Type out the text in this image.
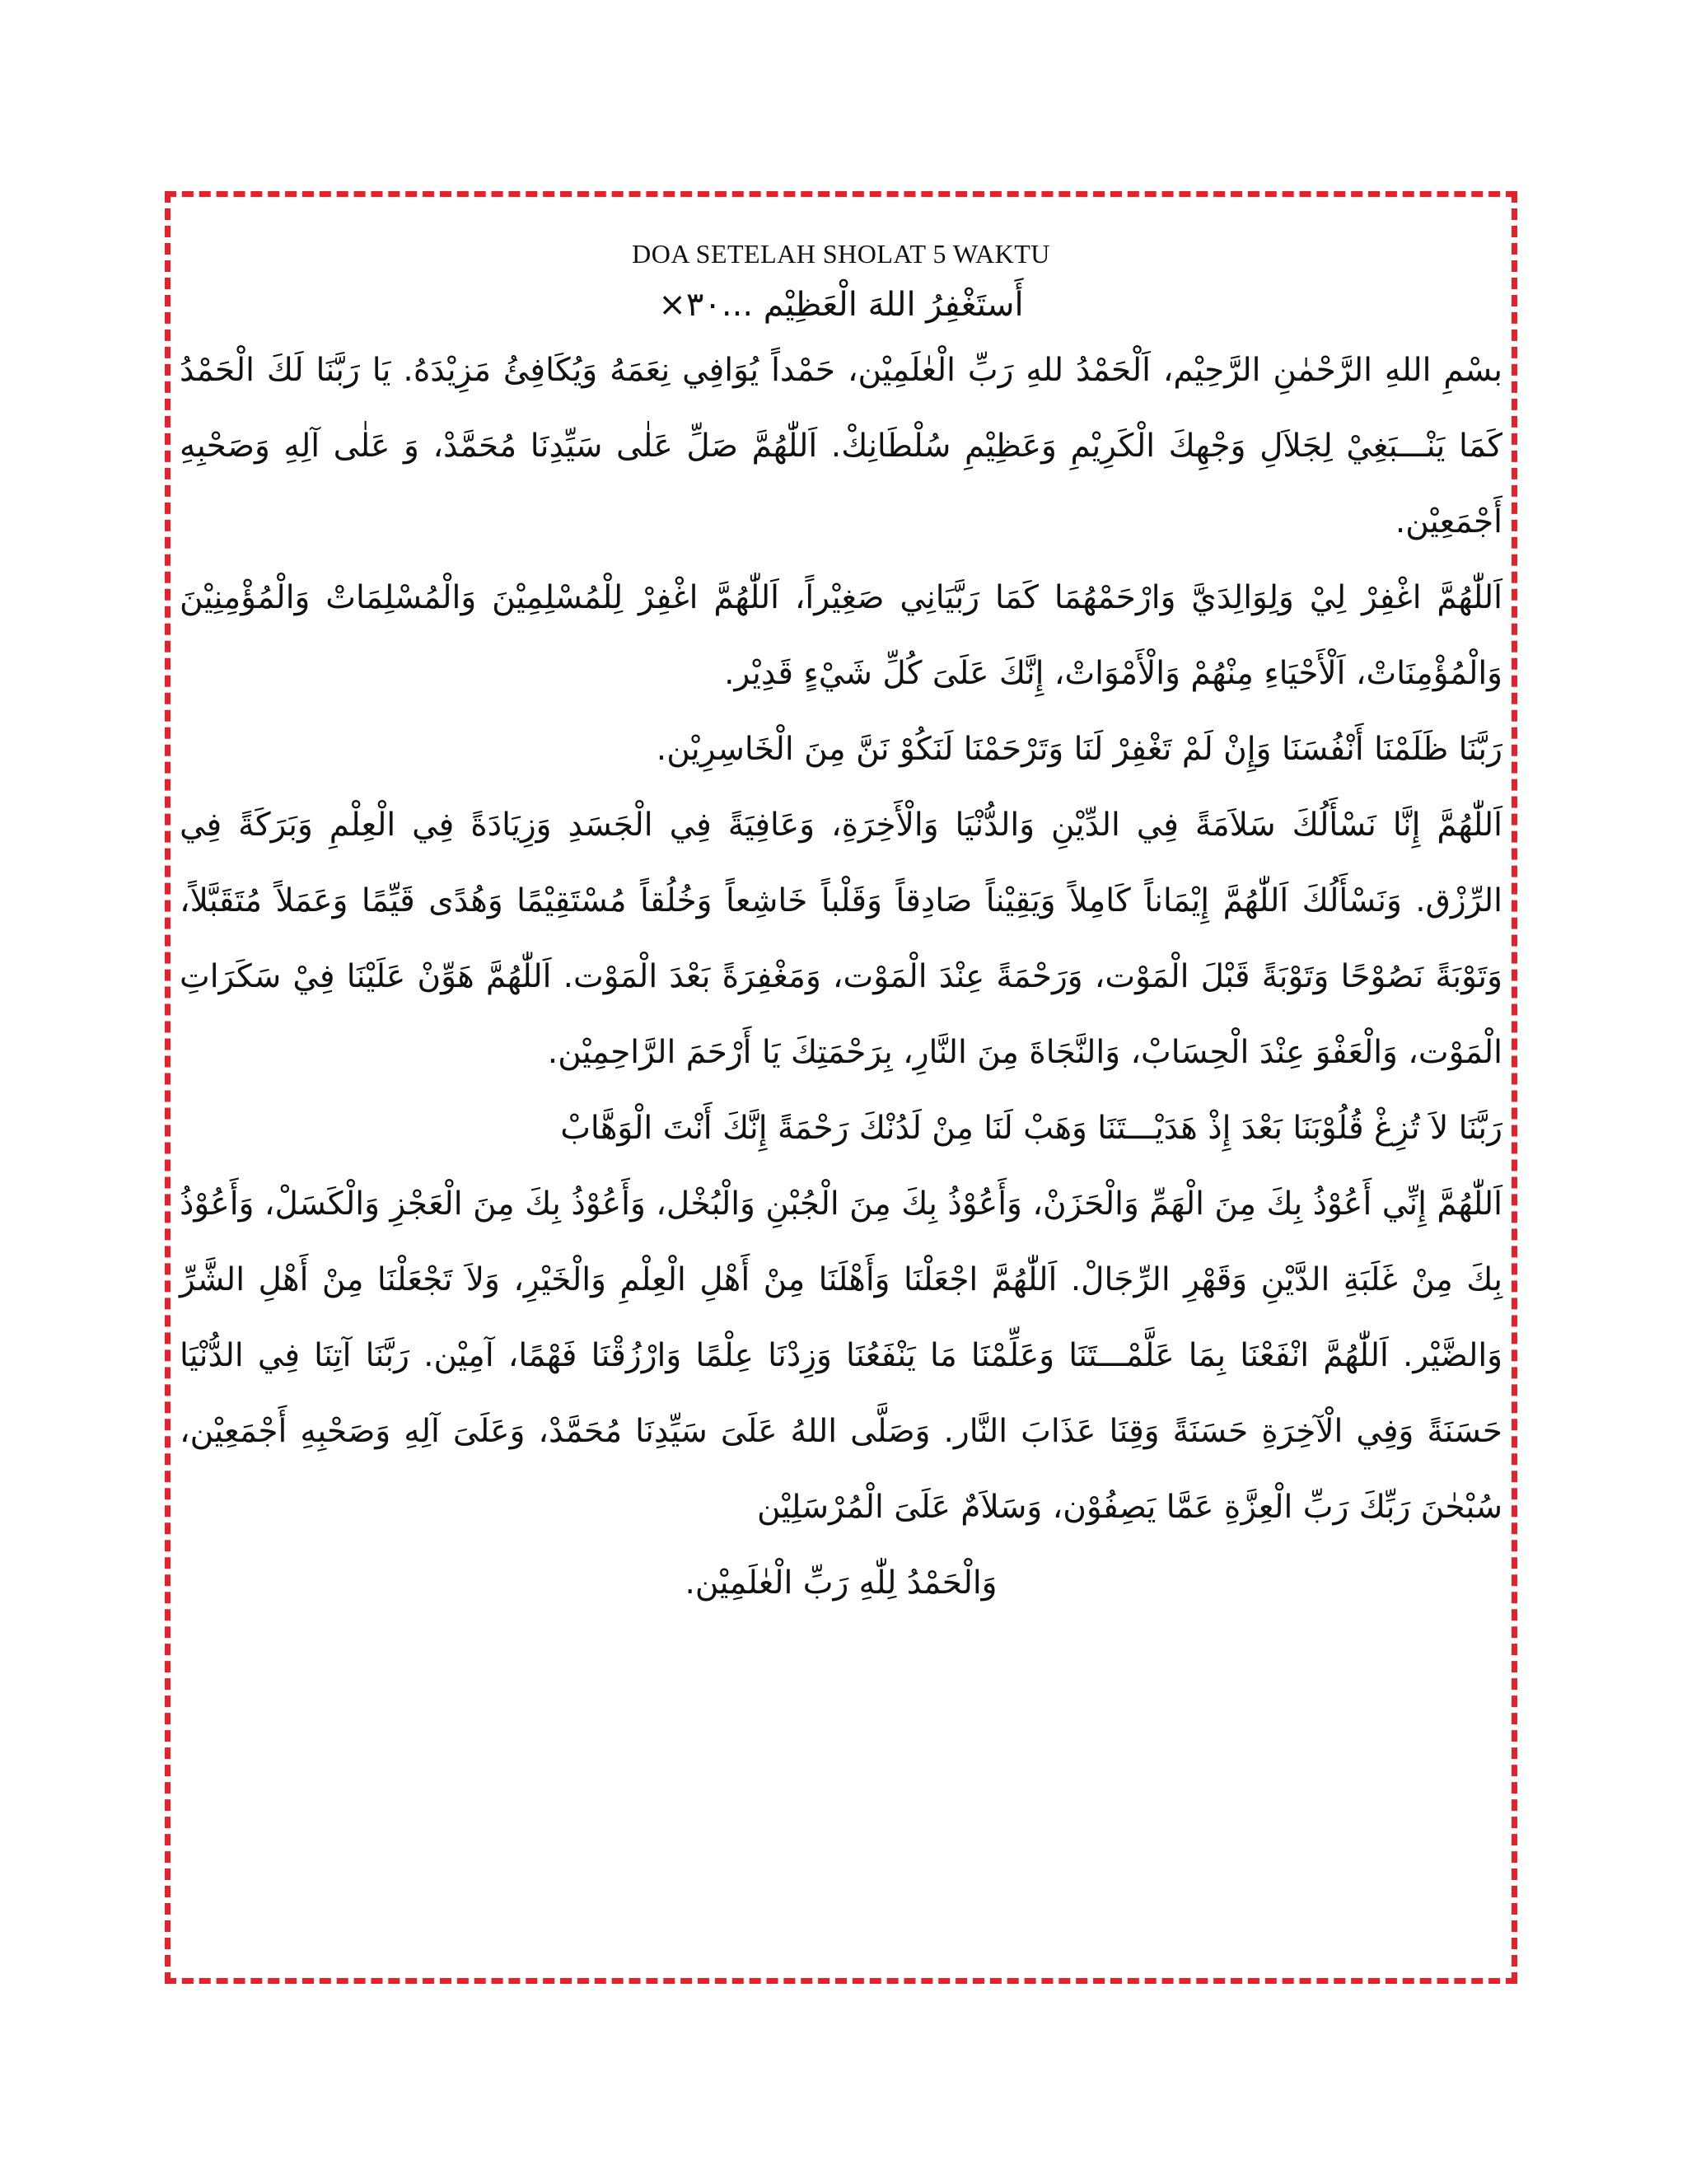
DOA SETELAH SHOLAT 5 WAKTU
أَستَغْفِرُ اللهَ الْعَظِيْم ...٣٠×

بسْمِ اللهِ الرَّحْمٰنِ الرَّحِيْم، اَلْحَمْدُ للهِ رَبِّ الْعٰلَمِيْن، حَمْداً يُوَافِي نِعَمَهُ وَيُكَافِئُ مَزِيْدَهُ. يَا رَبَّنَا لَكَ الْحَمْدُ كَمَا يَنْـــبَغِيْ لِجَلاَلِ وَجْهِكَ الْكَرِيْمِ وَعَظِيْمِ سُلْطَانِكْ. اَللّٰهُمَّ صَلِّ عَلٰى سَيِّدِنَا مُحَمَّدْ، وَ عَلٰى آلِهِ وَصَحْبِهِ أَجْمَعِيْن.

اَللّٰهُمَّ اغْفِرْ لِيْ وَلِوَالِدَيَّ وَارْحَمْهُمَا كَمَا رَبَّيَانِي صَغِيْراً، اَللّٰهُمَّ اغْفِرْ لِلْمُسْلِمِيْنَ وَالْمُسْلِمَاتْ وَالْمُؤْمِنِيْنَ وَالْمُؤْمِنَاتْ، اَلْأَحْيَاءِ مِنْهُمْ وَالْأَمْوَاتْ، إِنَّكَ عَلَىَ كُلِّ شَيْءٍ قَدِيْر.

رَبَّنَا ظَلَمْنَا أَنْفُسَنَا وَإِنْ لَمْ تَغْفِرْ لَنَا وَتَرْحَمْنَا لَنَكُوْ نَنَّ مِنَ الْخَاسِرِيْن.

اَللّٰهُمَّ إِنَّا نَسْأَلُكَ سَلاَمَةً فِي الدِّيْنِ وَالدُّنْيَا وَالْأَخِرَةِ، وَعَافِيَةً فِي الْجَسَدِ وَزِيَادَةً فِي الْعِلْمِ وَبَرَكَةً فِي الرِّزْق. وَنَسْأَلُكَ اَللّٰهُمَّ إِيْمَاناً كَامِلاً وَيَقِيْناً صَادِقاً وَقَلْباً خَاشِعاً وَخُلُقاً مُسْتَقِيْمًا وَهُدًى قَيِّمًا وَعَمَلاً مُتَقَبَّلاً، وَتَوْبَةً نَصُوْحًا وَتَوْبَةً قَبْلَ الْمَوْت، وَرَحْمَةً عِنْدَ الْمَوْت، وَمَغْفِرَةً بَعْدَ الْمَوْت. اَللّٰهُمَّ هَوِّنْ عَلَيْنَا فِيْ سَكَرَاتِ الْمَوْت، وَالْعَفْوَ عِنْدَ الْحِسَابْ، وَالنَّجَاةَ مِنَ النَّارِ، بِرَحْمَتِكَ يَا أَرْحَمَ الرَّاحِمِيْن.

رَبَّنَا لاَ تُزِغْ قُلُوْبَنَا بَعْدَ إِذْ هَدَيْـــتَنَا وَهَبْ لَنَا مِنْ لَدُنْكَ رَحْمَةً إِنَّكَ أَنْتَ الْوَهَّابْ

اَللّٰهُمَّ إِنِّي أَعُوْذُ بِكَ مِنَ الْهَمِّ وَالْحَزَنْ، وَأَعُوْذُ بِكَ مِنَ الْجُبْنِ وَالْبُخْل، وَأَعُوْذُ بِكَ مِنَ الْعَجْزِ وَالْكَسَلْ، وَأَعُوْذُ بِكَ مِنْ غَلَبَةِ الدَّيْنِ وَقَهْرِ الرِّجَالْ. اَللّٰهُمَّ اجْعَلْنَا وَأَهْلَنَا مِنْ أَهْلِ الْعِلْمِ وَالْخَيْرِ، وَلاَ تَجْعَلْنَا مِنْ أَهْلِ الشَّرِّ وَالضَّيْر. اَللّٰهُمَّ انْفَعْنَا بِمَا عَلَّمْـــتَنَا وَعَلِّمْنَا مَا يَنْفَعُنَا وَزِدْنَا عِلْمًا وَارْزُقْنَا فَهْمًا، آمِيْن. رَبَّنَا آتِنَا فِي الدُّنْيَا حَسَنَةً وَفِي الْآخِرَةِ حَسَنَةً وَقِنَا عَذَابَ النَّار. وَصَلَّى اللهُ عَلَىَ سَيِّدِنَا مُحَمَّدْ، وَعَلَىَ آلِهِ وَصَحْبِهِ أَجْمَعِيْن، سُبْحٰنَ رَبِّكَ رَبِّ الْعِزَّةِ عَمَّا يَصِفُوْن، وَسَلاَمٌ عَلَىَ الْمُرْسَلِيْن

وَالْحَمْدُ لِلّٰهِ رَبِّ الْعٰلَمِيْن.
